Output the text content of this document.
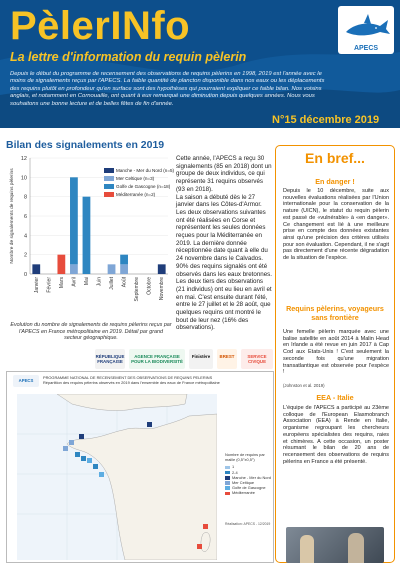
PèlerINfo
La lettre d'information du requin pèlerin
Depuis le début du programme de recensement des observations de requins pèlerins en 1998, 2019 est l'année avec le moins de signalements reçus par l'APECS. La faible quantité de plancton disponible dans nos eaux ou les déplacements des requins plutôt en profondeur qu'en surface sont des hypothèses qui pourraient expliquer ce faible bilan. Nos voisins anglais, et notamment en Cornouaille, ont quant à eux remarqué une diminution depuis quelques années. Nous vous souhaitons une bonne lecture et de belles fêtes de fin d'année.
APECS
N°15 décembre 2019
Bilan des signalements en 2019
0
2
4
6
8
10
12
Nombre de signalements de requins pèlerins
Janvier Février Mars Avril Mai Juin Juillet Août Septembre Octobre Novembre
Manche - Mer du Nord (n=5)
Mer Celtique (n=3)
Golfe de Gascogne (n=18)
Méditerranée (n=2)
Evolution du nombre de signalements de requins pèlerins reçus par l'APECS en France métropolitaine en 2019. Détail par grand secteur géographique.

Cette année, l'APECS a reçu 30 signalements (85 en 2018) dont un groupe de deux individus, ce qui représente 31 requins observés (93 en 2018).

La saison a débuté dès le 27 janvier dans les Côtes-d'Armor. Les deux observations suivantes ont été réalisées en Corse et représentent les seules données reçues pour la Méditerranée en 2019. La dernière donnée réceptionnée date quant à elle du 24 novembre dans le Calvados.

90% des requins signalés ont été observés dans les eaux bretonnes. Les deux tiers des observations (21 individus) ont eu lieu en avril et en mai. C'est ensuite durant l'été, entre le 27 juillet et le 28 août, que quelques requins ont montré le bout de leur nez (16% des observations).

En bref...
En danger !
Depuis le 10 décembre, suite aux nouvelles évaluations réalisées par l'Union internationale pour la conservation de la nature (UICN), le statut du requin pèlerin est passé de «vulnérable» à «en danger». Ce changement est lié à une meilleure prise en compte des données existantes ainsi qu'une précision des critères utilisés pour son évaluation. Cependant, il ne s'agit pas directement d'une récente dégradation de la situation de l'espèce.
Requins pèlerins, voyageurs sans frontière
Une femelle pèlerin marquée avec une balise satellite en août 2014 à Malin Head en Irlande a été revue en juin 2017 à Cap Cod aux Etats-Unis ! C'est seulement la seconde fois qu'une migration transatlantique est observée pour l'espèce !
(Johnston et al. 2019)
EEA - Italie
L'équipe de l'APECS a participé au 23ème colloque de l'European Elasmobranch Association (EEA) à Rende en Italie, organisme regroupant les chercheurs européens spécialistes des requins, raies et chimères. A cette occasion, un poster résumant le bilan de 20 ans de recensement des observations de requins pèlerins en France a été présenté.
RÉPUBLIQUE FRANÇAISE
AGENCE FRANÇAISE POUR LA BIODIVERSITÉ
Finistère	BREST	SERVICE CIVIQUE
APECS
PROGRAMME NATIONAL DE RECENSEMENT DES OBSERVATIONS DE REQUINS PELERINS
Répartition des requins pèlerins observés en 2019 dans l'ensemble des eaux de France métropolitaine
Nombre de requins par maille (0,5°x0,5°)
1
2-4
Manche - Mer du Nord
Mer Celtique
Golfe de Gascogne
Méditerranée
Réalisation: APECS - 12/2019
